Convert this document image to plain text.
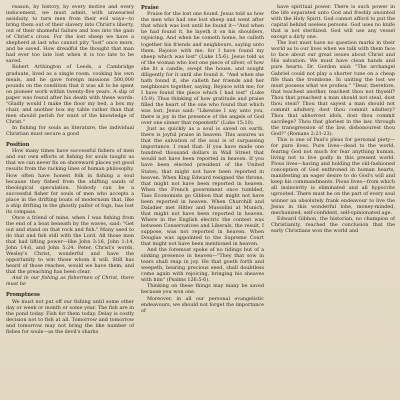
reason, by history, by every motive and every inducement, we must admit, with unwearied assiduity, to turn men from their evil ways—to bring them out of their slavery into Christ's liberty, out of their shameful failure and loss into the gain of Christ's cross. For the lost sheep we have a shepherd at last who cannot pity "lost" once more, and be saved. How dreadful the thought that man had ever too late lost when it is too late to be saved.

Robert Arthington of Leeds, a Cambridge graduate, lived as a single room, cooking his own meals, and he gave foreign missions 500,000 pounds on the condition that it was all to be spent on pioneer work within twenty-five years. A slip of paper was found after his death with these words: "Gladly would I make the floor my bed, a box my chair, and another box my table rather than that men should perish for want of the knowledge of Christ."

In fishing for souls as literature, the individual Christian must secure a good

Position

How many times have successful fishers of men and our own efforts at fishing for souls taught us that we can never fix on shoreward places yet good results from the racking lines of human philosophy. How often have honest folk in fishing a soul because they fished from the shifting sands of theological speculation. Nobody can be a successful fisher for souls of men who accepts a place in the drifting boats of modernism that, like a ship drifting in the ghostly pallor of fogs, has lost its compass.

Once a friend of mine, when I was fishing from the end of a boat beneath by the waves, said: "Get out and stand on that rock and fish." Many used to do that and fish still with the Lord. All those men that had lifting power—like John 3:16, John 1:14, John 14:6, and John 5:24. Peter, Christ's words, Wesley's Christ, wonderful and have the opportunity to win those whom it will. Still has heard of those reaches, would we have them; and that the preaching has been clear.

And in our fishing as fishermen of Christ, there must be

Promptness

We must not put off our fishing until some other day or week or month or some year. The fish are in the pond today. Fish for them today. Delay is costly decision not to fish at all. Tomorrow and tomorrow and tomorrow may not bring the like number of fishes for souls—as the devil's sharks

Praise

Praise for the lost one found. Jesus told us how the men who had one lost sheep and went after that which was lost until he found it—"And when he had found it, he layeth it on his shoulders, rejoicing. And when he cometh home, he calleth together his friends and neighbours, saying unto them, Rejoice with me; for I have found my sheep which was lost" (Luke 15:6). Jesus told us of the woman who lost one piece of silver, of how she lit a candle, swept the house, and sought diligently for it until she found it. "And when she hath found it, she calleth her friends and her neighbours together, saying, Rejoice with me; for I have found the piece which I had lost" (Luke 15:9). Thus thinking of how gratitude and praise filled the heart of the one who found that which was lost, Jesus said: "Likewise I say unto you, there is joy in the presence of the angels of God over one sinner that repenteth" (Luke 15:10).

Just as quickly as a soul is saved on earth, there is joyful praise in heaven. This assures us that the salvation of the soul is of surpassing importance. I read that: If you have made one hundred thousand dollars in Wall Street that would not have been reported in heaven. If you have been elected president of the United States, that might not have been reported in heaven. When King Edward resigned the throne, that might not have been reported in heaven. When the French government once tumbled, Tass Economists go Gibbon that might not have been reported in heaven. When Churchill and Daladier met Hitler and Mussolini at Munich, that might not have been reported in heaven. Where in the English electric the contest was between Conservatives and Liberals, the result, I suppose, was not reported in heaven. When Douglas was appointed to the Supreme Court that might not have been mentioned in heaven.

And the foremost spoke of no tidings but of a sinking presence in heaven—"They that sow in tears shall reap in joy. He that goeth forth and weepeth, bearing precious seed, shall doubtless come again with rejoicing, bringing his sheaves with him" (Psalms 126:5-6).

Thinking on these things may many be saved because you won one.

Moreover, in all our personal evangelistic endeavours, we should not forget the importance of

have spiritual power. There is such power in the life separated unto God and freshly anointed with the Holy Spirit. God cannot afford to put the capital behind useless persons. God uses no knife that is not sterilized. God will use any vessel except a dirty one.

The lost must have no question marks in their world as to our lives when we talk with them face to face about our great issues about Christ and His salvation. We must have clean hands and pure hearts. Dr. Gordon said: "The archangel Gabriel could not play a shorter tune on a cheap fife than the trombone. In uniting the lost we must possess what we profess." "Dear, therefore, that teachest another, teachest thou not thyself? Thou that preachest a man should not steal, dost thou steal? Thou that sayest a man should not commit adultery, dost thou commit adultery? Thou that abhorrest idols, dost thou commit sacrilege? Thou that gloriest in the law, through the transgression of the law, dishonourest thou God?" (Romans 2:21-23).

This is one of Paul's pleas for personal piety—for pure lives. Pure lives—dead to the world, fearing God not much for fear anything human, living not to live godly in this present world. Pious lives—having and holding the old-fashioned conception of God enthroned in human hearts, manifesting an eager desire to do God's will and keep his commandments. Pious lives—from which all insincerity is eliminated and all hypocrite uprooted. There must be on the part of every soul winner an absolutely frank endeavour to live the Jesus in this wonderful lobe, money-minded, mechanized, self-confident, self-opinionated age.

Edward Gibbon, the historian, no champion of Christianity, reached the conclusion that the early Christians won the world and
